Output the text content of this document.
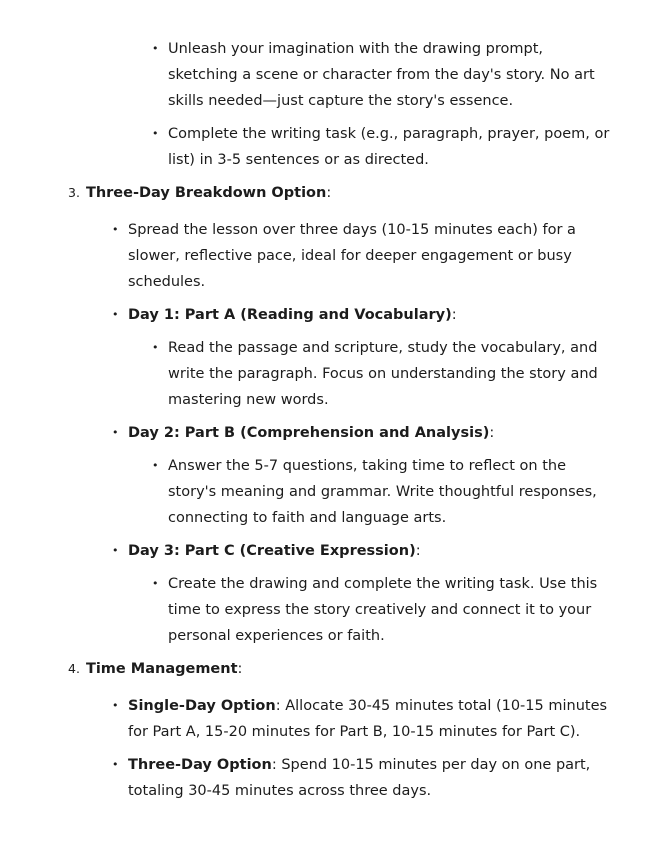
• Unleash your imagination with the drawing prompt, sketching a scene or character from the day's story. No art skills needed—just capture the story's essence.
• Complete the writing task (e.g., paragraph, prayer, poem, or list) in 3-5 sentences or as directed.
3. Three-Day Breakdown Option:
• Spread the lesson over three days (10-15 minutes each) for a slower, reflective pace, ideal for deeper engagement or busy schedules.
• Day 1: Part A (Reading and Vocabulary):
• Read the passage and scripture, study the vocabulary, and write the paragraph. Focus on understanding the story and mastering new words.
• Day 2: Part B (Comprehension and Analysis):
• Answer the 5-7 questions, taking time to reflect on the story's meaning and grammar. Write thoughtful responses, connecting to faith and language arts.
• Day 3: Part C (Creative Expression):
• Create the drawing and complete the writing task. Use this time to express the story creatively and connect it to your personal experiences or faith.
4. Time Management:
• Single-Day Option: Allocate 30-45 minutes total (10-15 minutes for Part A, 15-20 minutes for Part B, 10-15 minutes for Part C).
• Three-Day Option: Spend 10-15 minutes per day on one part, totaling 30-45 minutes across three days.
